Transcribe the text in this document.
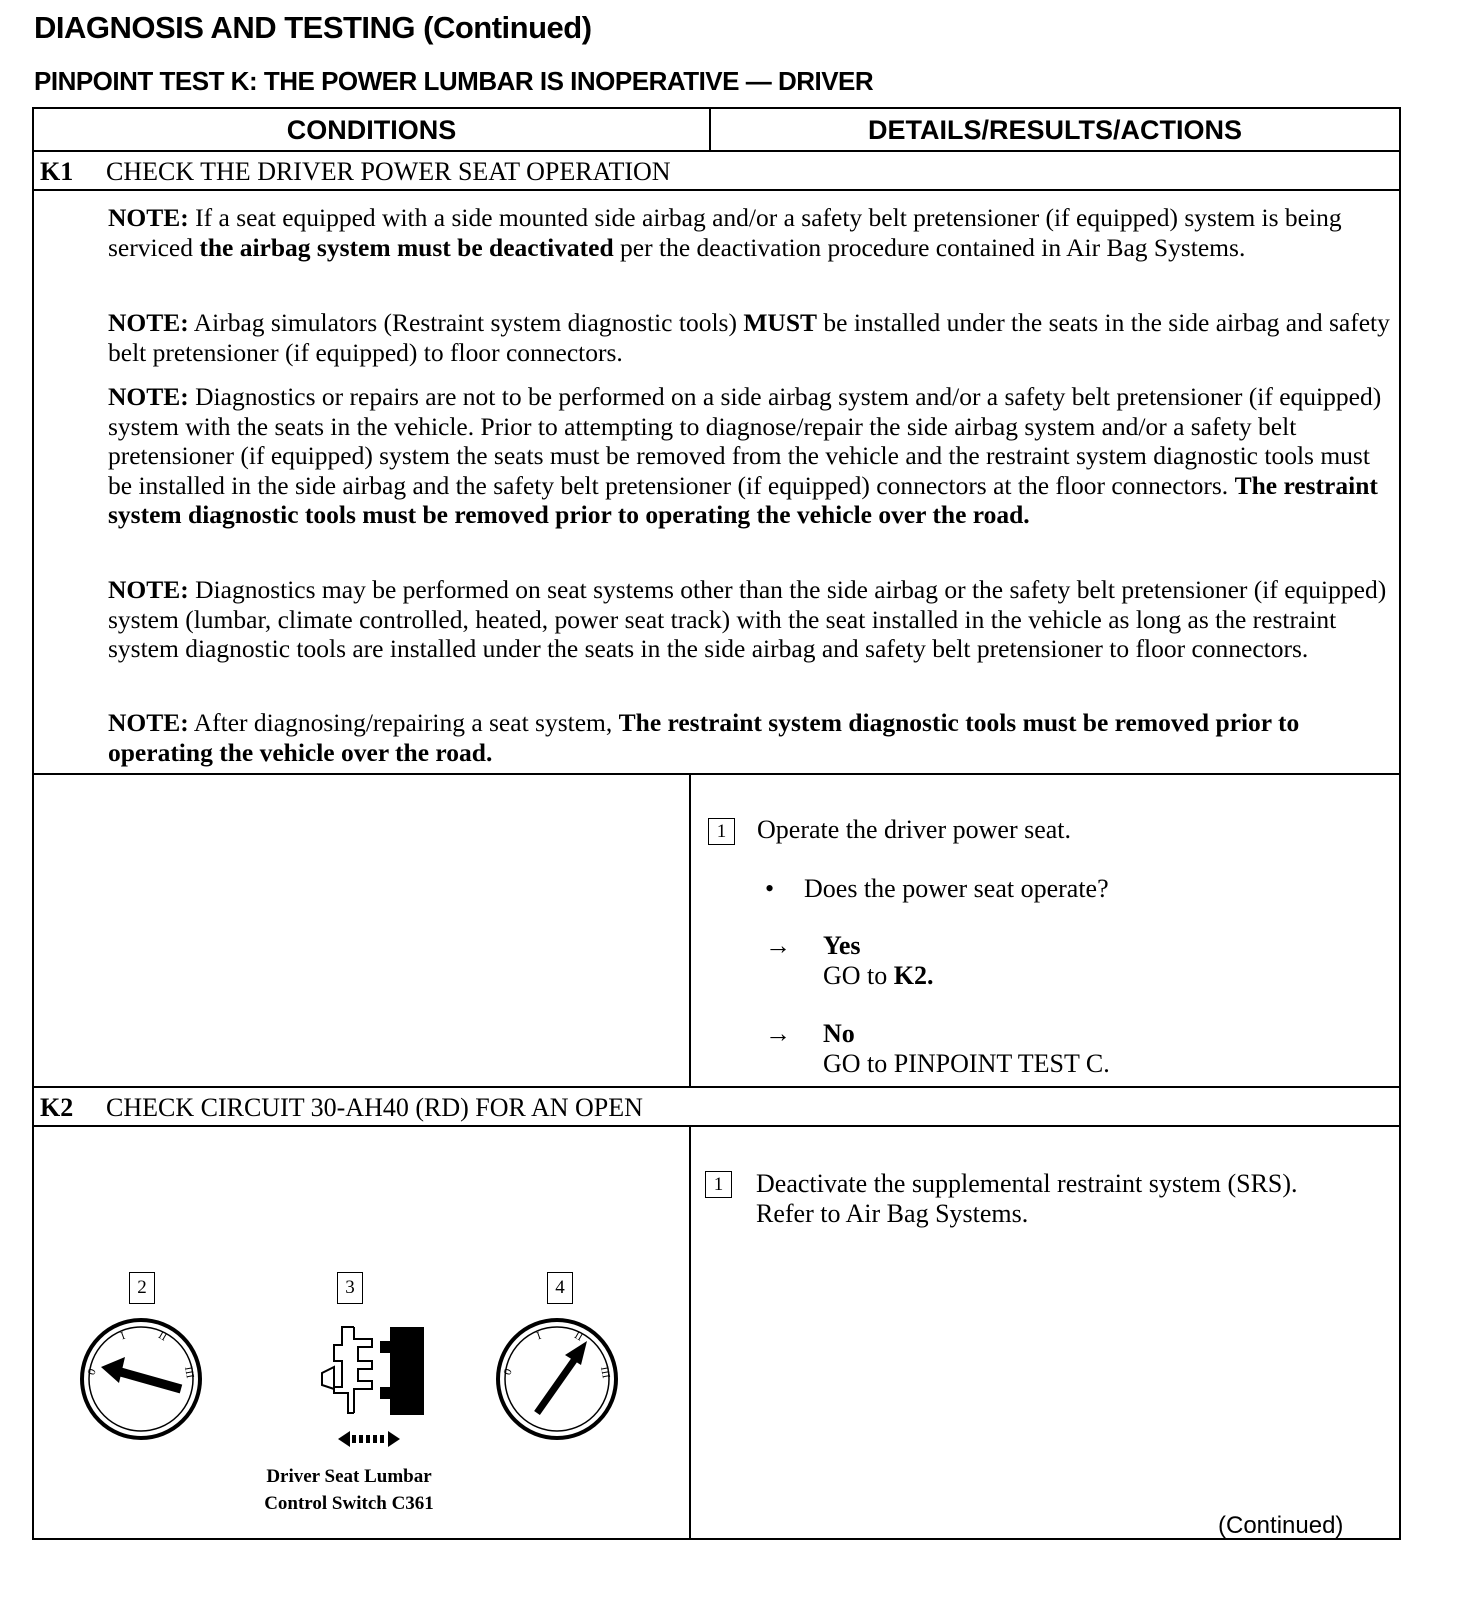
DIAGNOSIS AND TESTING (Continued)
PINPOINT TEST K: THE POWER LUMBAR IS INOPERATIVE — DRIVER
CONDITIONS	DETAILS/RESULTS/ACTIONS
K1 CHECK THE DRIVER POWER SEAT OPERATION

NOTE: If a seat equipped with a side mounted side airbag and/or a safety belt pretensioner (if equipped) system is being serviced the airbag system must be deactivated per the deactivation procedure contained in Air Bag Systems.

NOTE: Airbag simulators (Restraint system diagnostic tools) MUST be installed under the seats in the side airbag and safety belt pretensioner (if equipped) to floor connectors.

NOTE: Diagnostics or repairs are not to be performed on a side airbag system and/or a safety belt pretensioner (if equipped) system with the seats in the vehicle. Prior to attempting to diagnose/repair the side airbag system and/or a safety belt pretensioner (if equipped) system the seats must be removed from the vehicle and the restraint system diagnostic tools must be installed in the side airbag and the safety belt pretensioner (if equipped) connectors at the floor connectors. The restraint system diagnostic tools must be removed prior to operating the vehicle over the road.

NOTE: Diagnostics may be performed on seat systems other than the side airbag or the safety belt pretensioner (if equipped) system (lumbar, climate controlled, heated, power seat track) with the seat installed in the vehicle as long as the restraint system diagnostic tools are installed under the seats in the side airbag and safety belt pretensioner to floor connectors.

NOTE: After diagnosing/repairing a seat system, The restraint system diagnostic tools must be removed prior to operating the vehicle over the road.

1	Operate the driver power seat.
• Does the power seat operate?
→ Yes
GO to K2.
→ No
GO to PINPOINT TEST C.
K2 CHECK CIRCUIT 30-AH40 (RD) FOR AN OPEN
1	Deactivate the supplemental restraint system (SRS). Refer to Air Bag Systems.
2	3	4
0
I	II
III	0
I	II
III
Driver Seat Lumbar
Control Switch C361
(Continued)
